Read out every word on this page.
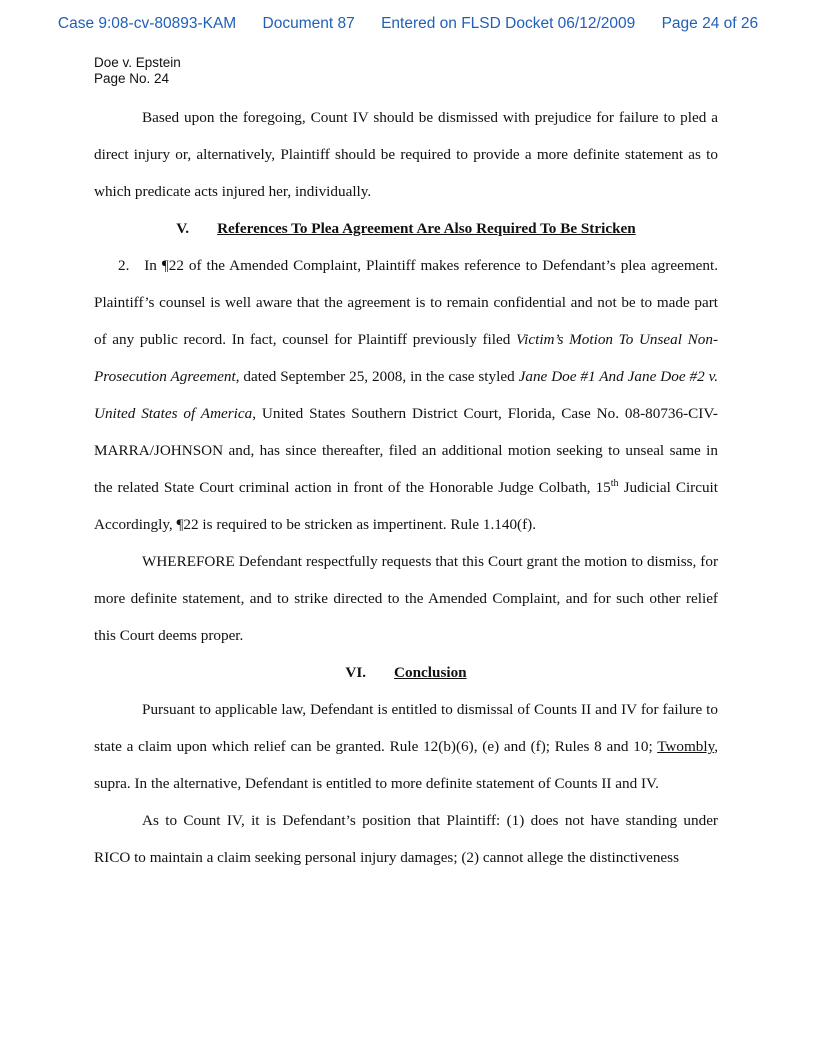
Case 9:08-cv-80893-KAM Document 87 Entered on FLSD Docket 06/12/2009 Page 24 of 26
Doe v. Epstein
Page No. 24

Based upon the foregoing, Count IV should be dismissed with prejudice for failure to pled a direct injury or, alternatively, Plaintiff should be required to provide a more definite statement as to which predicate acts injured her, individually.

V. References To Plea Agreement Are Also Required To Be Stricken

2. In ¶22 of the Amended Complaint, Plaintiff makes reference to Defendant’s plea agreement. Plaintiff’s counsel is well aware that the agreement is to remain confidential and not be to made part of any public record. In fact, counsel for Plaintiff previously filed Victim’s Motion To Unseal Non-Prosecution Agreement, dated September 25, 2008, in the case styled Jane Doe #1 And Jane Doe #2 v. United States of America, United States Southern District Court, Florida, Case No. 08-80736-CIV-MARRA/JOHNSON and, has since thereafter, filed an additional motion seeking to unseal same in the related State Court criminal action in front of the Honorable Judge Colbath, 15th Judicial Circuit Accordingly, ¶22 is required to be stricken as impertinent. Rule 1.140(f).

WHEREFORE Defendant respectfully requests that this Court grant the motion to dismiss, for more definite statement, and to strike directed to the Amended Complaint, and for such other relief this Court deems proper.

VI. Conclusion

Pursuant to applicable law, Defendant is entitled to dismissal of Counts II and IV for failure to state a claim upon which relief can be granted. Rule 12(b)(6), (e) and (f); Rules 8 and 10; Twombly, supra. In the alternative, Defendant is entitled to more definite statement of Counts II and IV.

As to Count IV, it is Defendant’s position that Plaintiff: (1) does not have standing under RICO to maintain a claim seeking personal injury damages; (2) cannot allege the distinctiveness
